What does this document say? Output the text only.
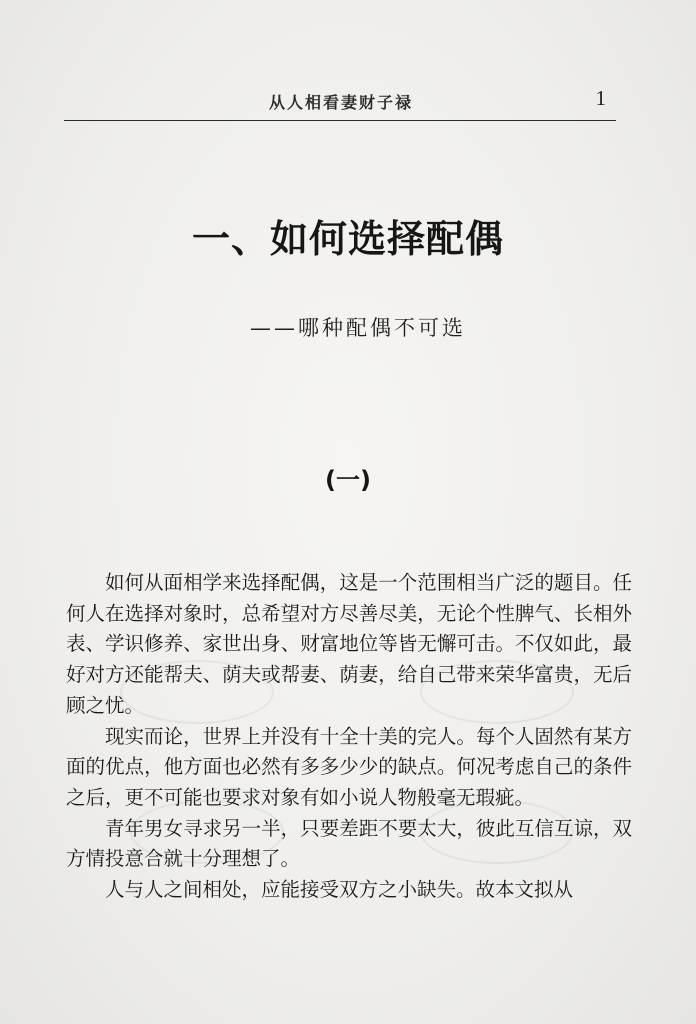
从人相看妻财子禄	1
一、如何选择配偶
——哪种配偶不可选
(一)

如何从面相学来选择配偶，这是一个范围相当广泛的题目。任何人在选择对象时，总希望对方尽善尽美，无论个性脾气、长相外表、学识修养、家世出身、财富地位等皆无懈可击。不仅如此，最好对方还能帮夫、荫夫或帮妻、荫妻，给自己带来荣华富贵，无后顾之忧。

现实而论，世界上并没有十全十美的完人。每个人固然有某方面的优点，他方面也必然有多多少少的缺点。何况考虑自己的条件之后，更不可能也要求对象有如小说人物般毫无瑕疵。

青年男女寻求另一半，只要差距不要太大，彼此互信互谅，双方情投意合就十分理想了。

人与人之间相处，应能接受双方之小缺失。故本文拟从
